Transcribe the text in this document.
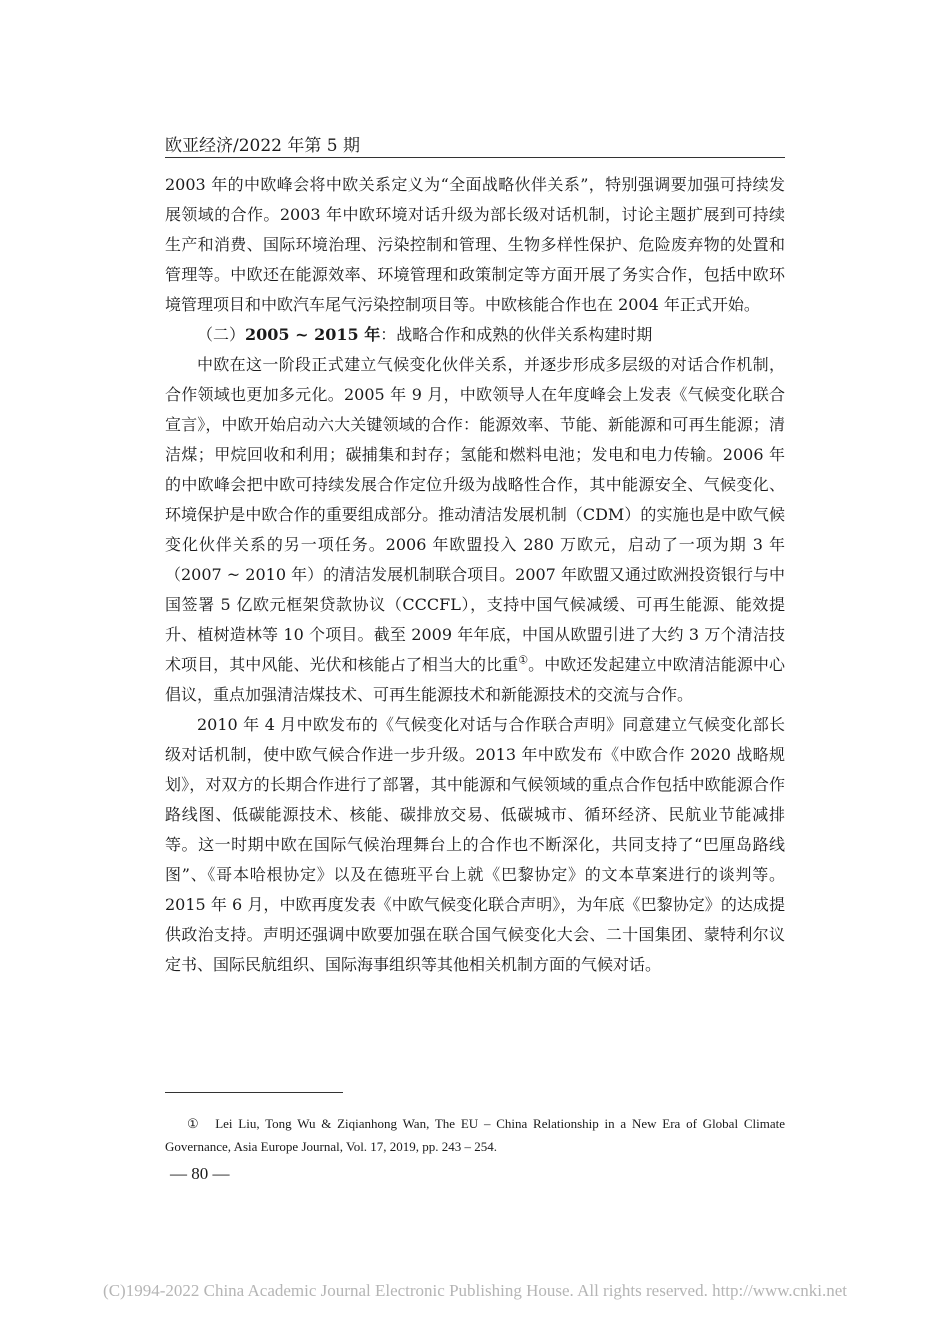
欧亚经济/2022 年第 5 期

2003 年的中欧峰会将中欧关系定义为“全面战略伙伴关系”，特别强调要加强可持续发展领域的合作。2003 年中欧环境对话升级为部长级对话机制，讨论主题扩展到可持续生产和消费、国际环境治理、污染控制和管理、生物多样性保护、危险废弃物的处置和管理等。中欧还在能源效率、环境管理和政策制定等方面开展了务实合作，包括中欧环境管理项目和中欧汽车尾气污染控制项目等。中欧核能合作也在 2004 年正式开始。

（二）2005 ~ 2015 年：战略合作和成熟的伙伴关系构建时期

中欧在这一阶段正式建立气候变化伙伴关系，并逐步形成多层级的对话合作机制，合作领域也更加多元化。2005 年 9 月，中欧领导人在年度峰会上发表《气候变化联合宣言》，中欧开始启动六大关键领域的合作：能源效率、节能、新能源和可再生能源；清洁煤；甲烷回收和利用；碳捕集和封存；氢能和燃料电池；发电和电力传输。2006 年的中欧峰会把中欧可持续发展合作定位升级为战略性合作，其中能源安全、气候变化、环境保护是中欧合作的重要组成部分。推动清洁发展机制（CDM）的实施也是中欧气候变化伙伴关系的另一项任务。2006 年欧盟投入 280 万欧元，启动了一项为期 3 年（2007 ~ 2010 年）的清洁发展机制联合项目。2007 年欧盟又通过欧洲投资银行与中国签署 5 亿欧元框架贷款协议（CCCFL），支持中国气候减缓、可再生能源、能效提升、植树造林等 10 个项目。截至 2009 年年底，中国从欧盟引进了大约 3 万个清洁技术项目，其中风能、光伏和核能占了相当大的比重①。中欧还发起建立中欧清洁能源中心倡议，重点加强清洁煤技术、可再生能源技术和新能源技术的交流与合作。

2010 年 4 月中欧发布的《气候变化对话与合作联合声明》同意建立气候变化部长级对话机制，使中欧气候合作进一步升级。2013 年中欧发布《中欧合作 2020 战略规划》，对双方的长期合作进行了部署，其中能源和气候领域的重点合作包括中欧能源合作路线图、低碳能源技术、核能、碳排放交易、低碳城市、循环经济、民航业节能减排等。这一时期中欧在国际气候治理舞台上的合作也不断深化，共同支持了“巴厘岛路线图”、《哥本哈根协定》以及在德班平台上就《巴黎协定》的文本草案进行的谈判等。2015 年 6 月，中欧再度发表《中欧气候变化联合声明》，为年底《巴黎协定》的达成提供政治支持。声明还强调中欧要加强在联合国气候变化大会、二十国集团、蒙特利尔议定书、国际民航组织、国际海事组织等其他相关机制方面的气候对话。

① Lei Liu, Tong Wu & Ziqianhong Wan, The EU – China Relationship in a New Era of Global Climate Governance, Asia Europe Journal, Vol. 17, 2019, pp. 243 – 254.
— 80 —
(C)1994-2022 China Academic Journal Electronic Publishing House. All rights reserved. http://www.cnki.net
